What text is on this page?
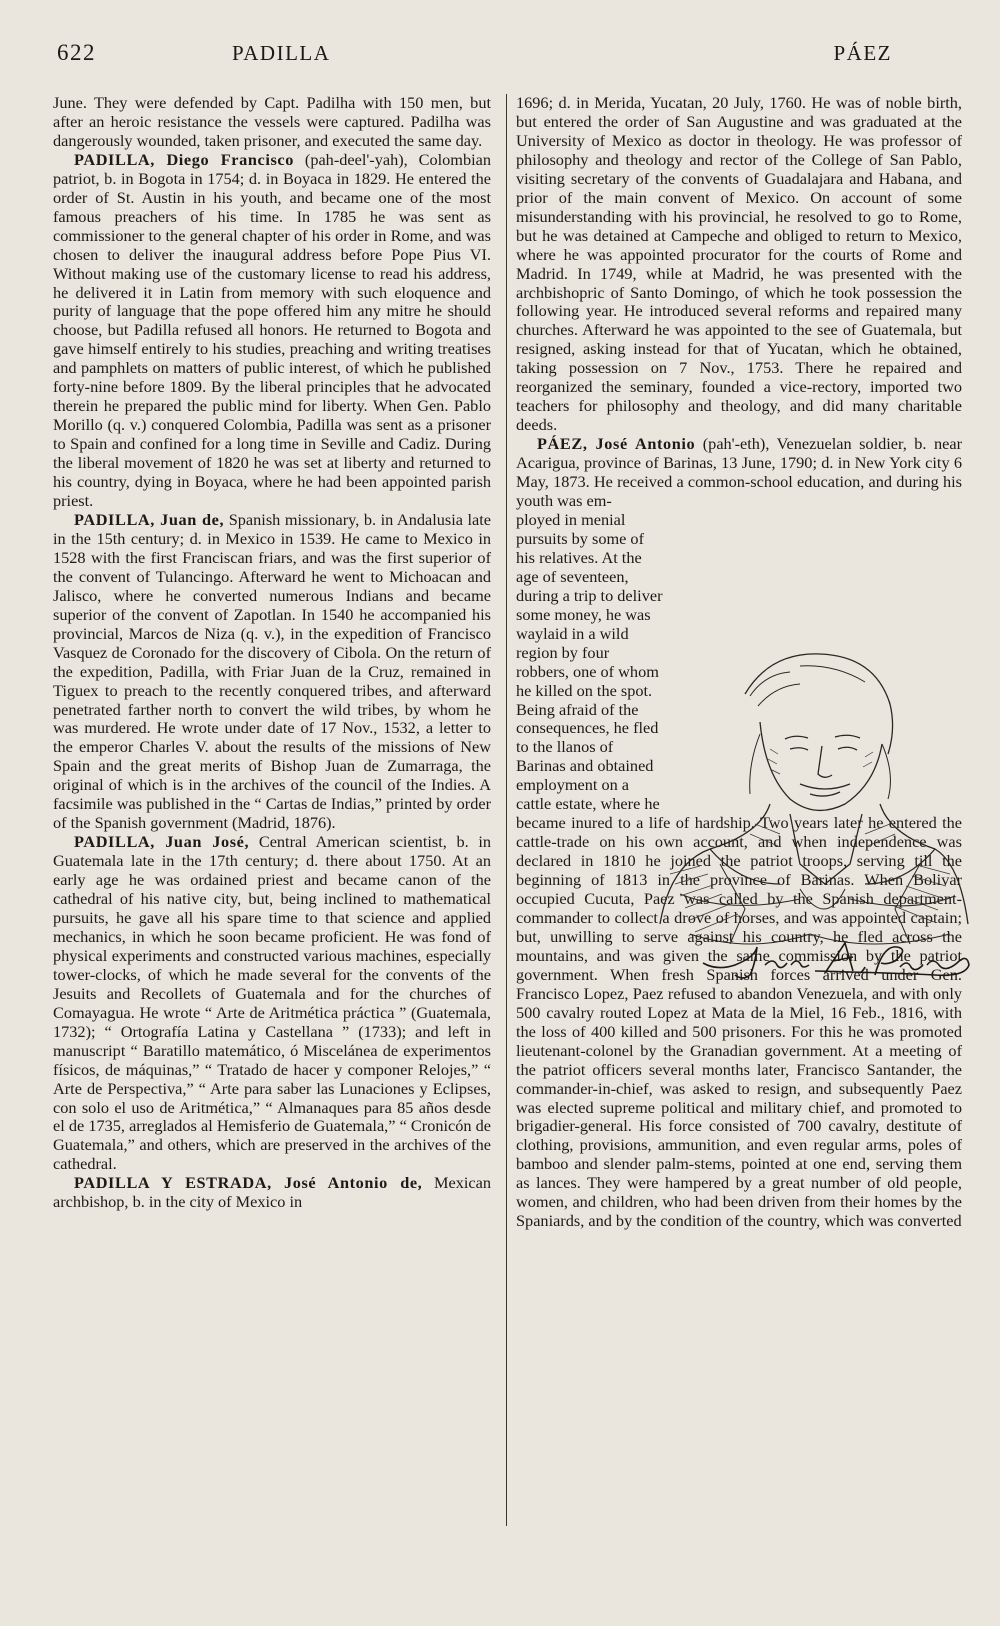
622	PADILLA	PÁEZ

June. They were defended by Capt. Padilha with 150 men, but after an heroic resistance the vessels were captured. Padilha was dangerously wounded, taken prisoner, and executed the same day.

PADILLA, Diego Francisco (pah-deel'-yah), Colombian patriot, b. in Bogota in 1754; d. in Boyaca in 1829. He entered the order of St. Austin in his youth, and became one of the most famous preachers of his time. In 1785 he was sent as commissioner to the general chapter of his order in Rome, and was chosen to deliver the inaugural address before Pope Pius VI. Without making use of the customary license to read his address, he delivered it in Latin from memory with such eloquence and purity of language that the pope offered him any mitre he should choose, but Padilla refused all honors. He returned to Bogota and gave himself entirely to his studies, preaching and writing treatises and pamphlets on matters of public interest, of which he published forty-nine before 1809. By the liberal principles that he advocated therein he prepared the public mind for liberty. When Gen. Pablo Morillo (q. v.) conquered Colombia, Padilla was sent as a prisoner to Spain and confined for a long time in Seville and Cadiz. During the liberal movement of 1820 he was set at liberty and returned to his country, dying in Boyaca, where he had been appointed parish priest.

PADILLA, Juan de, Spanish missionary, b. in Andalusia late in the 15th century; d. in Mexico in 1539. He came to Mexico in 1528 with the first Franciscan friars, and was the first superior of the convent of Tulancingo. Afterward he went to Michoacan and Jalisco, where he converted numerous Indians and became superior of the convent of Zapotlan. In 1540 he accompanied his provincial, Marcos de Niza (q. v.), in the expedition of Francisco Vasquez de Coronado for the discovery of Cibola. On the return of the expedition, Padilla, with Friar Juan de la Cruz, remained in Tiguex to preach to the recently conquered tribes, and afterward penetrated farther north to convert the wild tribes, by whom he was murdered. He wrote under date of 17 Nov., 1532, a letter to the emperor Charles V. about the results of the missions of New Spain and the great merits of Bishop Juan de Zumarraga, the original of which is in the archives of the council of the Indies. A facsimile was published in the “ Cartas de Indias,” printed by order of the Spanish government (Madrid, 1876).

PADILLA, Juan José, Central American scientist, b. in Guatemala late in the 17th century; d. there about 1750. At an early age he was ordained priest and became canon of the cathedral of his native city, but, being inclined to mathematical pursuits, he gave all his spare time to that science and applied mechanics, in which he soon became proficient. He was fond of physical experiments and constructed various machines, especially tower-clocks, of which he made several for the convents of the Jesuits and Recollets of Guatemala and for the churches of Comayagua. He wrote “ Arte de Aritmética práctica ” (Guatemala, 1732); “ Ortografía Latina y Castellana ” (1733); and left in manuscript “ Baratillo matemático, ó Miscelánea de experimentos físicos, de máquinas,” “ Tratado de hacer y componer Relojes,” “ Arte de Perspectiva,” “ Arte para saber las Lunaciones y Eclipses, con solo el uso de Aritmética,” “ Almanaques para 85 años desde el de 1735, arreglados al Hemisferio de Guatemala,” “ Cronicón de Guatemala,” and others, which are preserved in the archives of the cathedral.

PADILLA Y ESTRADA, José Antonio de, Mexican archbishop, b. in the city of Mexico in

1696; d. in Merida, Yucatan, 20 July, 1760. He was of noble birth, but entered the order of San Augustine and was graduated at the University of Mexico as doctor in theology. He was professor of philosophy and theology and rector of the College of San Pablo, visiting secretary of the convents of Guadalajara and Habana, and prior of the main convent of Mexico. On account of some misunderstanding with his provincial, he resolved to go to Rome, but he was detained at Campeche and obliged to return to Mexico, where he was appointed procurator for the courts of Rome and Madrid. In 1749, while at Madrid, he was presented with the archbishopric of Santo Domingo, of which he took possession the following year. He introduced several reforms and repaired many churches. Afterward he was appointed to the see of Guatemala, but resigned, asking instead for that of Yucatan, which he obtained, taking possession on 7 Nov., 1753. There he repaired and reorganized the seminary, founded a vice-rectory, imported two teachers for philosophy and theology, and did many charitable deeds.

PÁEZ, José Antonio (pah'-eth), Venezuelan soldier, b. near Acarigua, province of Barinas, 13 June, 1790; d. in New York city 6 May, 1873. He received a common-school education, and during his youth was em-

ployed in menial pursuits by some of his relatives. At the age of seventeen, during a trip to deliver some money, he was waylaid in a wild region by four robbers, one of whom he killed on the spot. Being afraid of the consequences, he fled to the llanos of Barinas and obtained employment on a cattle estate, where he

became inured to a life of hardship. Two years later he entered the cattle-trade on his own account, and when independence was declared in 1810 he joined the patriot troops, serving till the beginning of 1813 in the province of Barinas. When Bolivar occupied Cucuta, Paez was called by the Spanish department-commander to collect a drove of horses, and was appointed captain; but, unwilling to serve against his country, he fled across the mountains, and was given the same commission by the patriot government. When fresh Spanish forces arrived under Gen. Francisco Lopez, Paez refused to abandon Venezuela, and with only 500 cavalry routed Lopez at Mata de la Miel, 16 Feb., 1816, with the loss of 400 killed and 500 prisoners. For this he was promoted lieutenant-colonel by the Granadian government. At a meeting of the patriot officers several months later, Francisco Santander, the commander-in-chief, was asked to resign, and subsequently Paez was elected supreme political and military chief, and promoted to brigadier-general. His force consisted of 700 cavalry, destitute of clothing, provisions, ammunition, and even regular arms, poles of bamboo and slender palm-stems, pointed at one end, serving them as lances. They were hampered by a great number of old people, women, and children, who had been driven from their homes by the Spaniards, and by the condition of the country, which was converted
